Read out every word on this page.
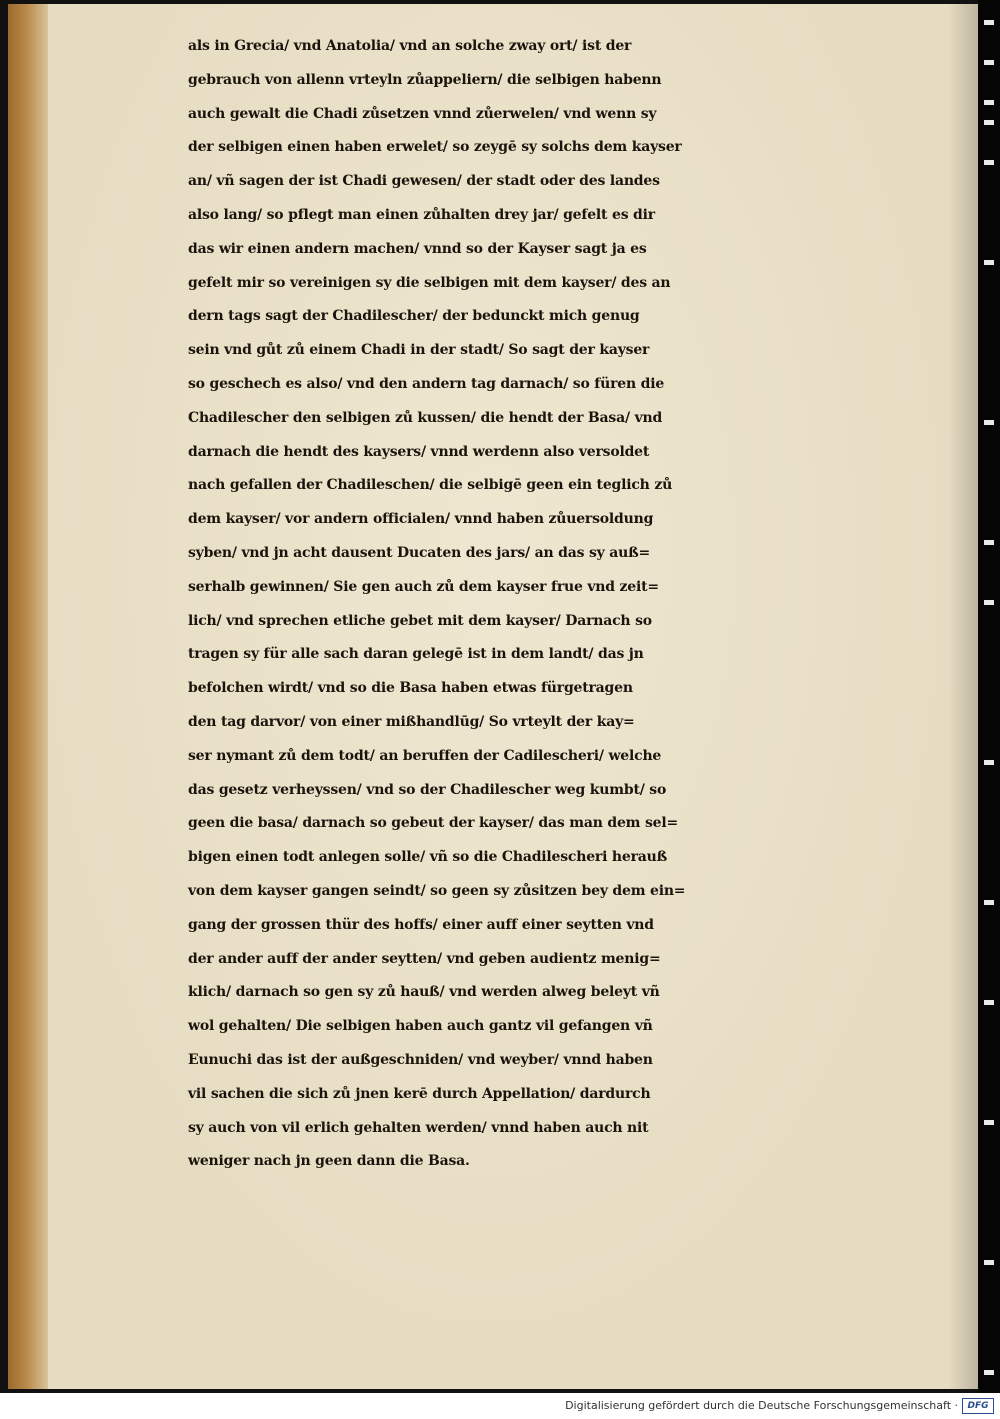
als in Grecia/ vnd Anatolia/ vnd an solche zway ort/ ist der
gebrauch von allenn vrteyln zůappeliern/ die selbigen habenn
auch gewalt die Chadi zůsetzen vnnd zůerwelen/ vnd wenn sy
der selbigen einen haben erwelet/ so zeygē sy solchs dem kayser
an/ vñ sagen der ist Chadi gewesen/ der stadt oder des landes
also lang/ so pflegt man einen zůhalten drey jar/ gefelt es dir
das wir einen andern machen/ vnnd so der Kayser sagt ja es
gefelt mir so vereinigen sy die selbigen mit dem kayser/ des an
dern tags sagt der Chadilescher/ der bedunckt mich genug
sein vnd gůt zů einem Chadi in der stadt/ So sagt der kayser
so geschech es also/ vnd den andern tag darnach/ so füren die
Chadilescher den selbigen zů kussen/ die hendt der Basa/ vnd
darnach die hendt des kaysers/ vnnd werdenn also versoldet
nach gefallen der Chadileschen/ die selbigē geen ein teglich zů
dem kayser/ vor andern officialen/ vnnd haben zůuersoldung
syben/ vnd jn acht dausent Ducaten des jars/ an das sy auß=
serhalb gewinnen/ Sie gen auch zů dem kayser frue vnd zeit=
lich/ vnd sprechen etliche gebet mit dem kayser/ Darnach so
tragen sy für alle sach daran gelegē ist in dem landt/ das jn
befolchen wirdt/ vnd so die Basa haben etwas fürgetragen
den tag darvor/ von einer mißhandlūg/ So vrteylt der kay=
ser nymant zů dem todt/ an beruffen der Cadilescheri/ welche
das gesetz verheyssen/ vnd so der Chadilescher weg kumbt/ so
geen die basa/ darnach so gebeut der kayser/ das man dem sel=
bigen einen todt anlegen solle/ vñ so die Chadilescheri herauß
von dem kayser gangen seindt/ so geen sy zůsitzen bey dem ein=
gang der grossen thür des hoffs/ einer auff einer seytten vnd
der ander auff der ander seytten/ vnd geben audientz menig=
klich/ darnach so gen sy zů hauß/ vnd werden alweg beleyt vñ
wol gehalten/ Die selbigen haben auch gantz vil gefangen vñ
Eunuchi das ist der außgeschniden/ vnd weyber/ vnnd haben
vil sachen die sich zů jnen kerē durch Appellation/ dardurch
sy auch von vil erlich gehalten werden/ vnnd haben auch nit
weniger nach jn geen dann die Basa.
Digitalisierung gefördert durch die Deutsche Forschungsgemeinschaft ·	DFG
